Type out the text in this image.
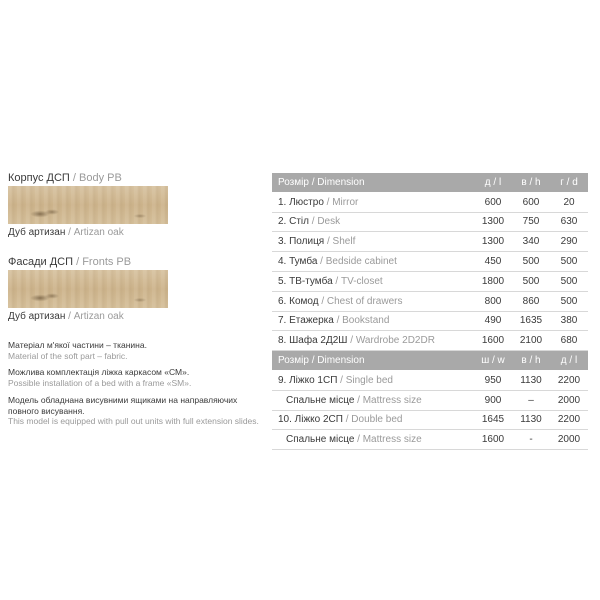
Корпус ДСП / Body PB
Дуб артизан / Artizan oak
Фасади ДСП / Fronts PB
Дуб артизан / Artizan oak
Матеріал м'якої частини – тканина.
Material of the soft part – fabric.
Можлива комплектація ліжка каркасом «СМ».
Possible installation of a bed with a frame «SM».
Модель обладнана висувними ящиками на направляючих повного висування.
This model is equipped with pull out units with full extension slides.
Розмір / Dimension	д / l	в / h	г / d
1. Люстро / Mirror	600	600	20
2. Стіл / Desk	1300	750	630
3. Полиця / Shelf	1300	340	290
4. Тумба / Bedside cabinet	450	500	500
5. ТВ-тумба / TV-closet	1800	500	500
6. Комод / Chest of drawers	800	860	500
7. Етажерка / Bookstand	490	1635	380
8. Шафа 2Д2Ш / Wardrobe 2D2DR	1600	2100	680
Розмір / Dimension	ш / w	в / h	д / l
9. Ліжко 1СП / Single bed	950	1130	2200
Спальне місце / Mattress size	900	–	2000
10. Ліжко 2СП / Double bed	1645	1130	2200
Спальне місце / Mattress size	1600	-	2000
